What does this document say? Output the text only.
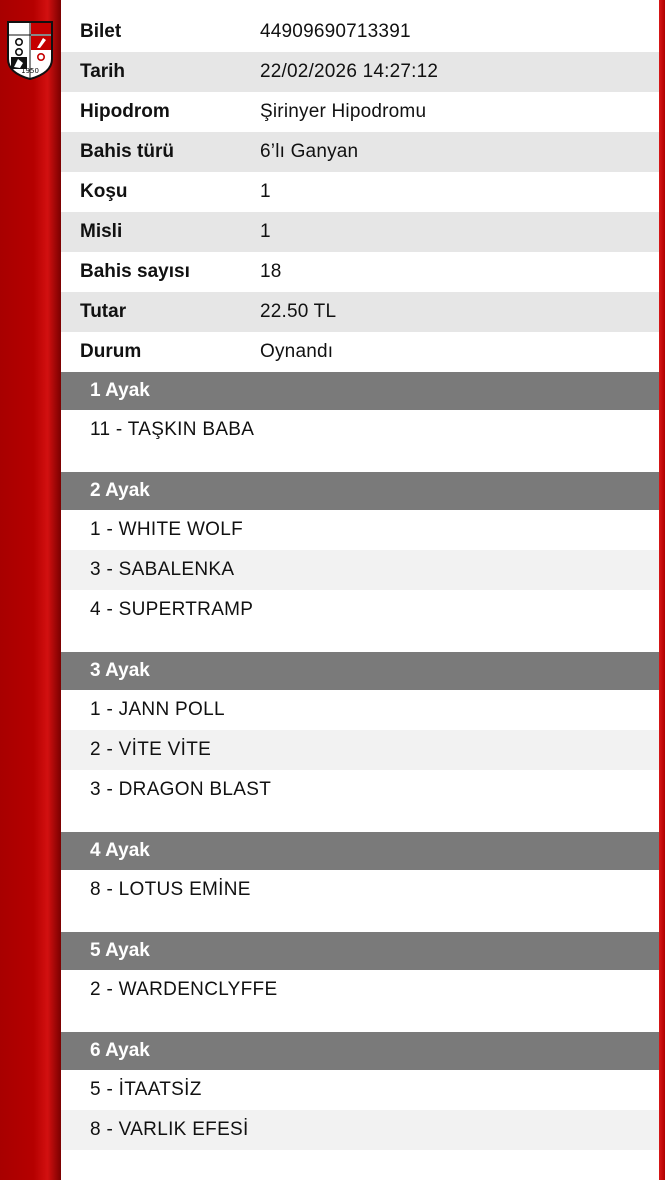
1950
Bilet	44909690713391
Tarih	22/02/2026 14:27:12
Hipodrom	Şirinyer Hipodromu
Bahis türü	6’lı Ganyan
Koşu	1
Misli	1
Bahis sayısı	18
Tutar	22.50 TL
Durum	Oynandı
1 Ayak
11 - TAŞKIN BABA
2 Ayak
1 - WHITE WOLF
3 - SABALENKA
4 - SUPERTRAMP
3 Ayak
1 - JANN POLL
2 - VİTE VİTE
3 - DRAGON BLAST
4 Ayak
8 - LOTUS EMİNE
5 Ayak
2 - WARDENCLYFFE
6 Ayak
5 - İTAATSİZ
8 - VARLIK EFESİ
